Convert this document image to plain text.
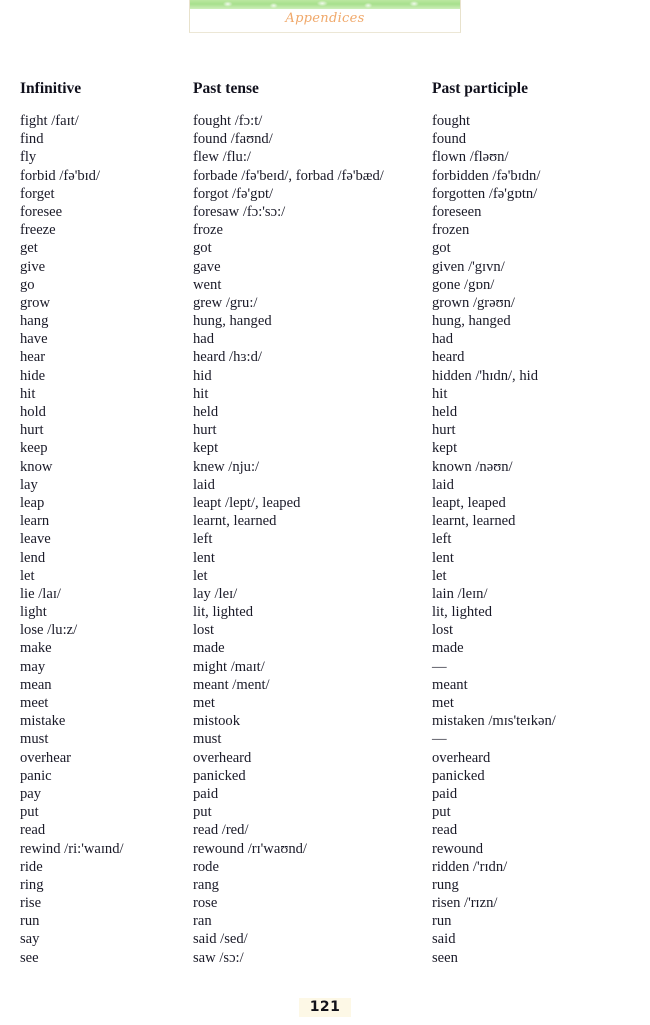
Appendices
Infinitive	Past tense	Past participle
fight /faɪt/	fought /fɔ:t/	fought
find	found /faʊnd/	found
fly	flew /flu:/	flown /fləʊn/
forbid /fə'bɪd/	forbade /fə'beɪd/, forbad /fə'bæd/	forbidden /fə'bɪdn/
forget	forgot /fə'gɒt/	forgotten /fə'gɒtn/
foresee	foresaw /fɔ:'sɔ:/	foreseen
freeze	froze	frozen
get	got	got
give	gave	given /'gɪvn/
go	went	gone /gɒn/
grow	grew /gru:/	grown /grəʊn/
hang	hung, hanged	hung, hanged
have	had	had
hear	heard /hɜ:d/	heard
hide	hid	hidden /'hɪdn/, hid
hit	hit	hit
hold	held	held
hurt	hurt	hurt
keep	kept	kept
know	knew /nju:/	known /nəʊn/
lay	laid	laid
leap	leapt /lept/, leaped	leapt, leaped
learn	learnt, learned	learnt, learned
leave	left	left
lend	lent	lent
let	let	let
lie /laɪ/	lay /leɪ/	lain /leɪn/
light	lit, lighted	lit, lighted
lose /lu:z/	lost	lost
make	made	made
may	might /maɪt/	—
mean	meant /ment/	meant
meet	met	met
mistake	mistook	mistaken /mɪs'teɪkən/
must	must	—
overhear	overheard	overheard
panic	panicked	panicked
pay	paid	paid
put	put	put
read	read /red/	read
rewind /ri:'waɪnd/	rewound /rɪ'waʊnd/	rewound
ride	rode	ridden /'rɪdn/
ring	rang	rung
rise	rose	risen /'rɪzn/
run	ran	run
say	said /sed/	said
see	saw /sɔ:/	seen
121
